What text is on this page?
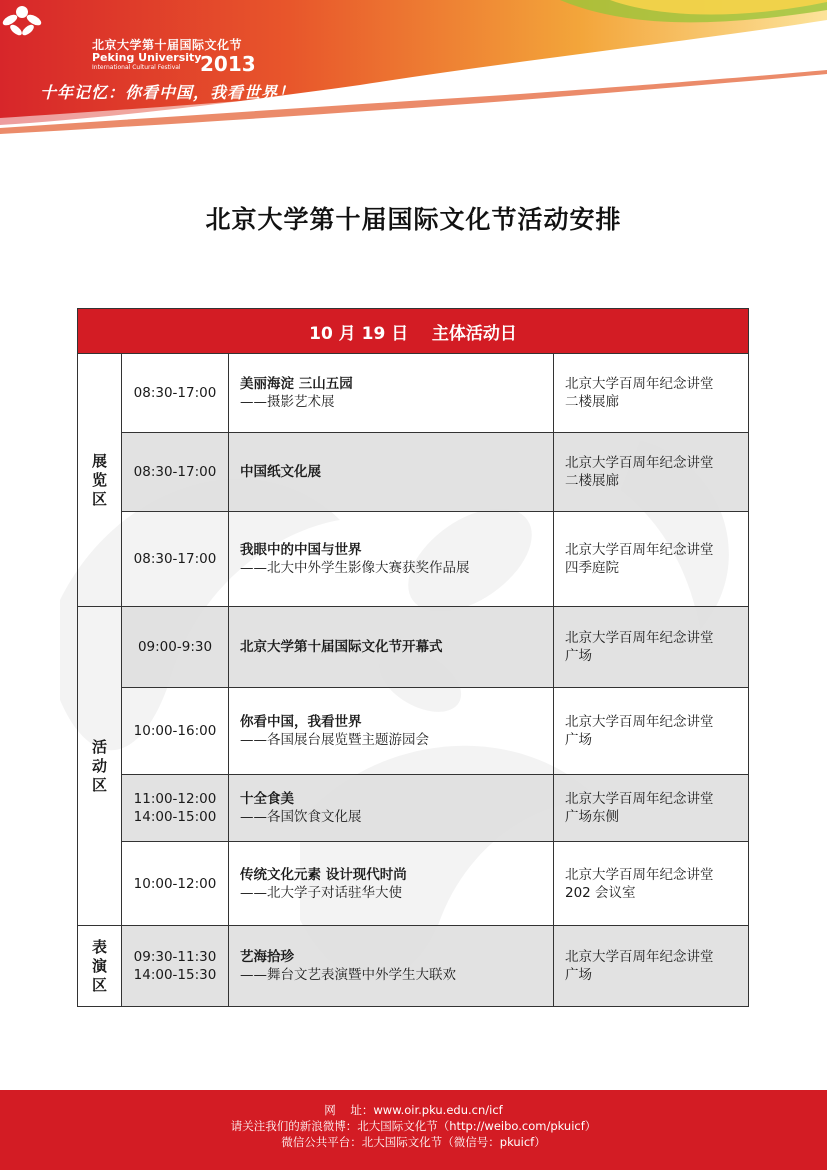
北京大学第十届国际文化节
Peking University
International Cultural Festival 2013
十年记忆：你看中国，我看世界！
北京大学第十届国际文化节活动安排
10 月 19 日    主体活动日
展览区
08:30-17:00
美丽海淀 三山五园
——摄影艺术展
北京大学百周年纪念讲堂
二楼展廊
08:30-17:00 中国纸文化展
北京大学百周年纪念讲堂
二楼展廊
08:30-17:00
我眼中的中国与世界
——北大中外学生影像大赛获奖作品展
北京大学百周年纪念讲堂
四季庭院
活动区
09:00-9:30 北京大学第十届国际文化节开幕式
北京大学百周年纪念讲堂
广场
10:00-16:00
你看中国，我看世界
——各国展台展览暨主题游园会
北京大学百周年纪念讲堂
广场
11:00-12:00
14:00-15:00
十全食美
——各国饮食文化展
北京大学百周年纪念讲堂
广场东侧
10:00-12:00
传统文化元素 设计现代时尚
——北大学子对话驻华大使
北京大学百周年纪念讲堂
202 会议室
表演区
09:30-11:30
14:00-15:30
艺海拾珍
——舞台文艺表演暨中外学生大联欢
北京大学百周年纪念讲堂
广场
网    址：www.oir.pku.edu.cn/icf
请关注我们的新浪微博：北大国际文化节（http://weibo.com/pkuicf）
微信公共平台：北大国际文化节（微信号：pkuicf）
